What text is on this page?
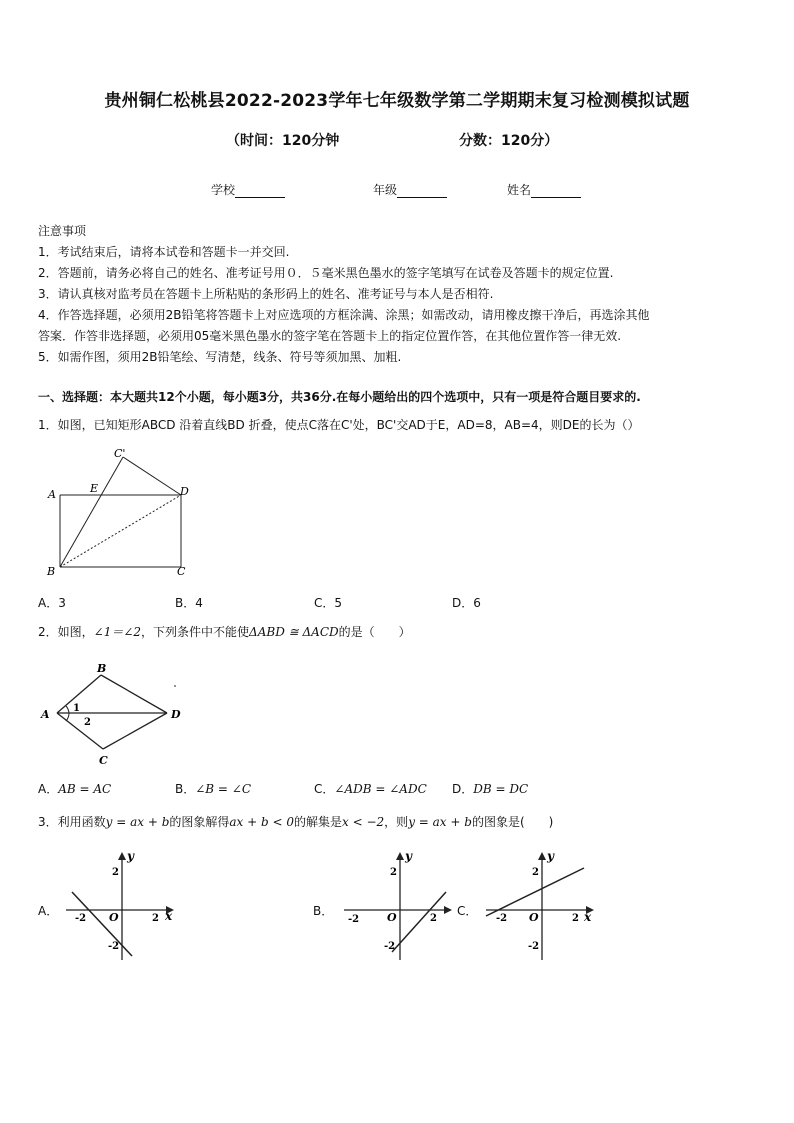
贵州铜仁松桃县2022-2023学年七年级数学第二学期期末复习检测模拟试题
（时间：120分钟	分数：120分）
学校	年级	姓名
注意事项
1．考试结束后，请将本试卷和答题卡一并交回.
2．答题前，请务必将自己的姓名、准考证号用０．５毫米黑色墨水的签字笔填写在试卷及答题卡的规定位置.
3．请认真核对监考员在答题卡上所粘贴的条形码上的姓名、准考证号与本人是否相符.
4．作答选择题，必须用2B铅笔将答题卡上对应选项的方框涂满、涂黑；如需改动，请用橡皮擦干净后，再选涂其他
答案．作答非选择题，必须用05毫米黑色墨水的签字笔在答题卡上的指定位置作答，在其他位置作答一律无效.
5．如需作图，须用2B铅笔绘、写清楚，线条、符号等须加黑、加粗.
一、选择题：本大题共12个小题，每小题3分，共36分.在每小题给出的四个选项中，只有一项是符合题目要求的.
1．如图，已知矩形ABCD 沿着直线BD 折叠，使点C落在C'处，BC'交AD于E，AD=8，AB=4，则DE的长为（）
A
B	C
D
E
C'
A．3	B．4	C．5	D．6
2．如图，∠1＝∠2，下列条件中不能使ΔABD ≅ ΔACD的是（　　）
A
B
C
D
1
2
A．AB = AC	B．∠B = ∠C	C．∠ADB = ∠ADC D．DB = DC
3．利用函数y = ax + b的图象解得ax + b < 0的解集是x < −2，则y = ax + b的图象是(　　)
A．
y
x
O
-2	2
2
-2
B．
y
O
-2	2
2
-2
C．
y
x
O
-2	2
2
-2
